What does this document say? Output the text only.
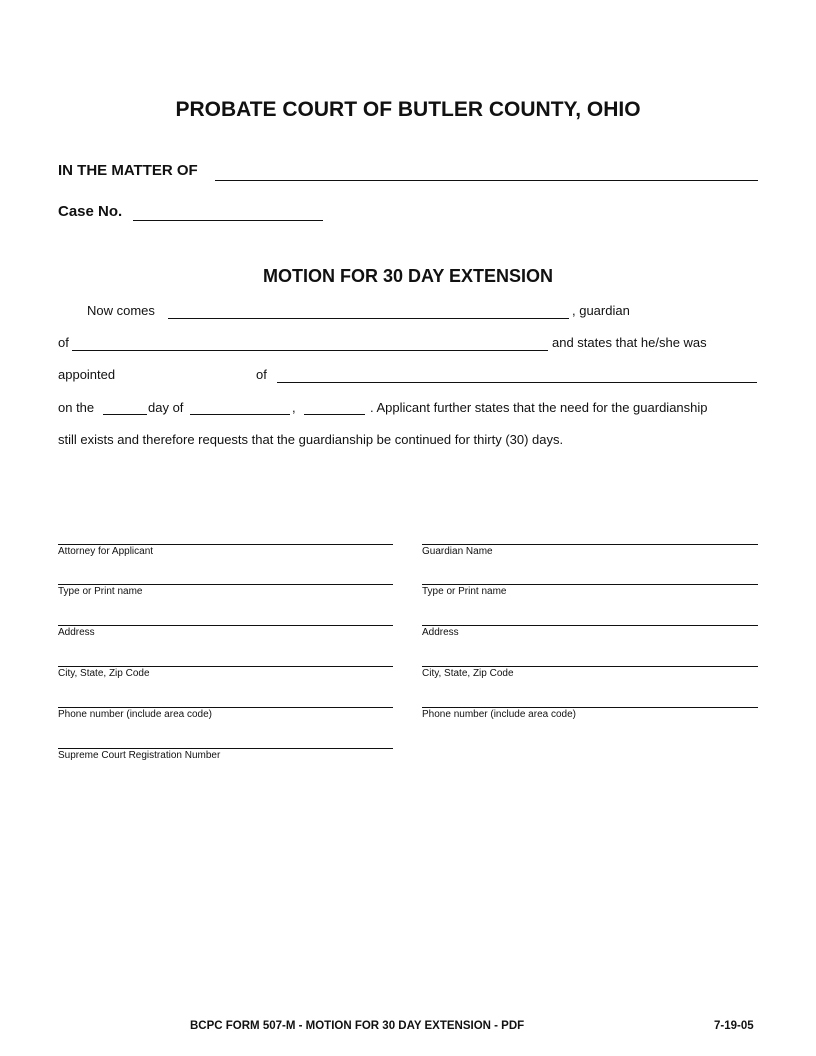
PROBATE COURT OF BUTLER COUNTY, OHIO
IN THE MATTER OF
Case No.
MOTION FOR 30 DAY EXTENSION
Now comes	, guardian
of	and states that he/she was
appointed	of
on the	day of	,	. Applicant further states that the need for the guardianship
still exists and therefore requests that the guardianship be continued for thirty (30) days.
Attorney for Applicant
Type or Print name
Address
City, State, Zip Code
Phone number (include area code)
Supreme Court Registration Number
Guardian Name
Type or Print name
Address
City, State, Zip Code
Phone number (include area code)
BCPC FORM 507-M - MOTION FOR 30 DAY EXTENSION - PDF	7-19-05
